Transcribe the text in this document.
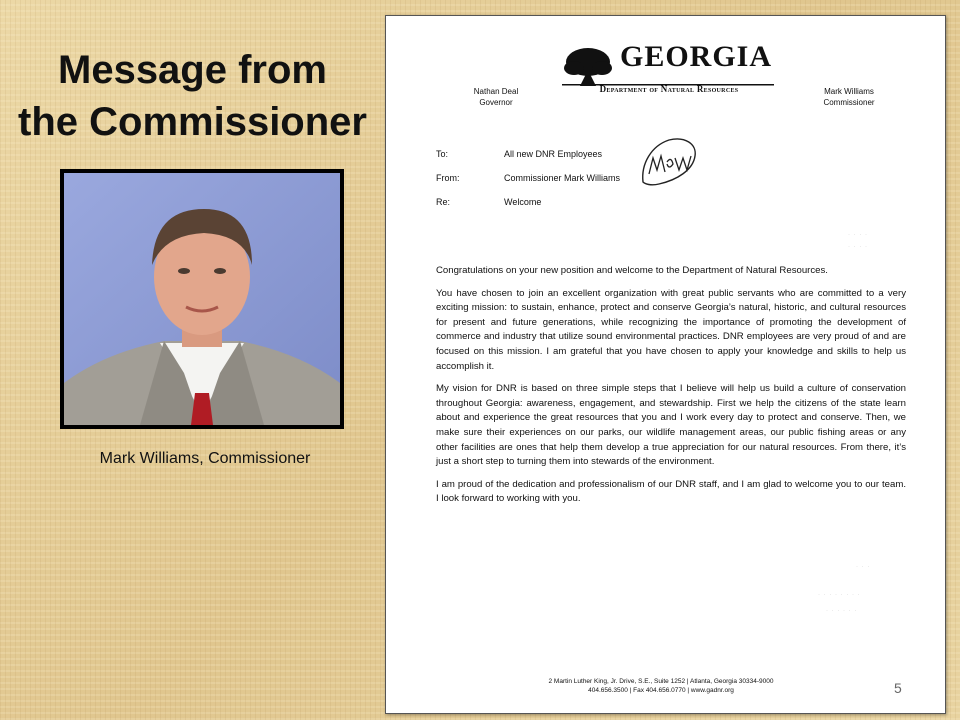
Message from
the Commissioner
Mark Williams, Commissioner
GEORGIA
Department of Natural Resources
Nathan Deal
Governor
Mark Williams
Commissioner
To:	All new DNR Employees
From:	Commissioner Mark Williams
Re:	Welcome
· · · ·
· · · ·
· · ·
· · · · · · · ·
· · · · · ·

Congratulations on your new position and welcome to the Department of Natural Resources.

You have chosen to join an excellent organization with great public servants who are committed to a very exciting mission: to sustain, enhance, protect and conserve Georgia’s natural, historic, and cultural resources for present and future generations, while recognizing the importance of promoting the development of commerce and industry that utilize sound environmental practices. DNR employees are very proud of and are focused on this mission. I am grateful that you have chosen to apply your knowledge and skills to help us accomplish it.

My vision for DNR is based on three simple steps that I believe will help us build a culture of conservation throughout Georgia: awareness, engagement, and stewardship. First we help the citizens of the state learn about and experience the great resources that you and I work every day to protect and conserve. Then, we make sure their experiences on our parks, our wildlife management areas, our public fishing areas or any other facilities are ones that help them develop a true appreciation for our natural resources. From there, it’s just a short step to turning them into stewards of the environment.

I am proud of the dedication and professionalism of our DNR staff, and I am glad to welcome you to our team. I look forward to working with you.

2 Martin Luther King, Jr. Drive, S.E., Suite 1252 | Atlanta, Georgia 30334-9000
404.656.3500 | Fax 404.656.0770 | www.gadnr.org	5
